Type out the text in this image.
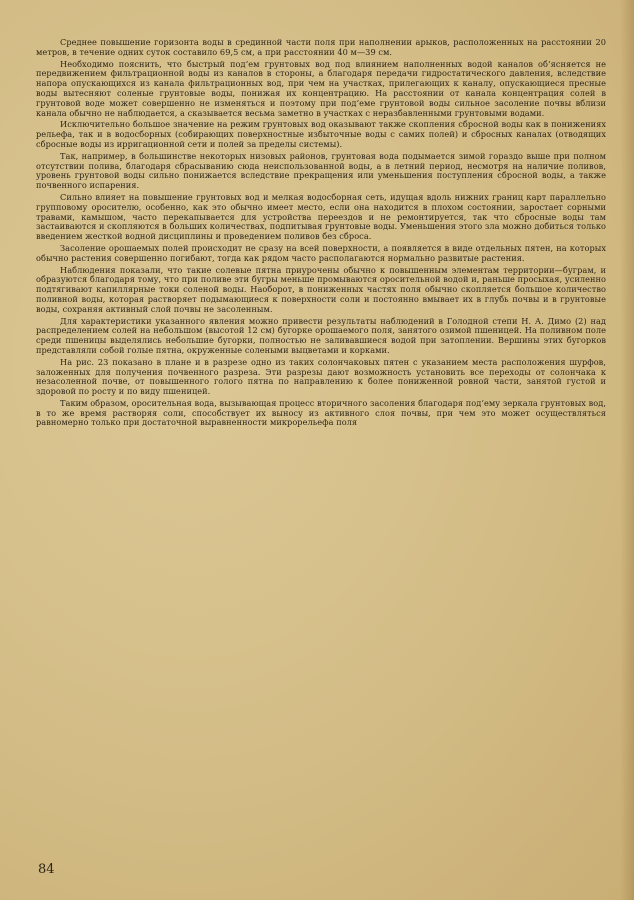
Среднее повышение горизонта воды в срединной части поля при наполнении арыков, расположенных на расстоянии 20 метров, в течение одних суток составило 69,5 см, а при расстоянии 40 м—39 см.

Необходимо пояснить, что быстрый под‘ем грунтовых вод под влиянием наполненных водой каналов об‘ясняется не передвижением фильтрационной воды из каналов в стороны, а благодаря передачи гидростатического давления, вследствие напора опускающихся из канала фильтрационных вод, при чем на участках, прилегающих к каналу, опускающиеся пресные воды вытесняют соленые грунтовые воды, понижая их концентрацию. На расстоянии от канала концентрация солей в грунтовой воде может совершенно не изменяться и поэтому при под‘еме грунтовой воды сильное засоление почвы вблизи канала обычно не наблюдается, а сказывается весьма заметно в участках с неразбавленными грунтовыми водами.

Исключительно большое значение на режим грунтовых вод оказывают также скопления сбросной воды как в понижениях рельефа, так и в водосборных (собирающих поверхностные избыточные воды с самих полей) и сбросных каналах (отводящих сбросные воды из ирригационной сети и полей за пределы системы).

Так, например, в большинстве некоторых низовых районов, грунтовая вода подымается зимой гораздо выше при полном отсутствии полива, благодаря сбрасыванию сюда неиспользованной воды, а в летний период, несмотря на наличие поливов, уровень грунтовой воды сильно понижается вследствие прекращения или уменьшения поступления сбросной воды, а также почвенного испарения.

Сильно влияет на повышение грунтовых вод и мелкая водосборная сеть, идущая вдоль нижних границ карт параллельно групповому оросителю, особенно, как это обычно имеет место, если она находится в плохом состоянии, заростает сорными травами, камышом, часто перекапывается для устройства переездов и не ремонтируется, так что сбросные воды там застаиваются и скопляются в больших количествах, подпитывая грунтовые воды. Уменьшения этого зла можно добиться только введением жесткой водной дисциплины и проведением поливов без сброса.

Засоление орошаемых полей происходит не сразу на всей поверхности, а появляется в виде отдельных пятен, на которых обычно растения совершенно погибают, тогда как рядом часто располагаются нормально развитые растения.

Наблюдения показали, что такие солевые пятна приурочены обычно к повышенным элементам территории—буграм, и образуются благодаря тому, что при поливе эти бугры меньше промываются оросительной водой и, раньше просыхая, усиленно подтягивают капиллярные токи соленой воды. Наоборот, в пониженных частях поля обычно скопляется большое количество поливной воды, которая растворяет подымающиеся к поверхности соли и постоянно вмывает их в глубь почвы и в грунтовые воды, сохраняя активный слой почвы не засоленным.

Для характеристики указанного явления можно привести результаты наблюдений в Голодной степи Н. А. Димо (2) над распределением солей на небольшом (высотой 12 см) бугорке орошаемого поля, занятого озимой пшеницей. На поливном поле среди пшеницы выделялись небольшие бугорки, полностью не заливавшиеся водой при затоплении. Вершины этих бугорков представляли собой голые пятна, окруженные солеными выцветами и корками.

На рис. 23 показано в плане и в разрезе одно из таких солончаковых пятен с указанием места расположения шурфов, заложенных для получения почвенного разреза. Эти разрезы дают возможность установить все переходы от солончака к незасоленной почве, от повышенного голого пятна по направлению к более пониженной ровной части, занятой густой и здоровой по росту и по виду пшеницей.

Таким образом, оросительная вода, вызывающая процесс вторичного засоления благодаря под‘ему зеркала грунтовых вод, в то же время растворяя соли, способствует их выносу из активного слоя почвы, при чем это может осуществляться равномерно только при достаточной выравненности микрорельефа поля

84
